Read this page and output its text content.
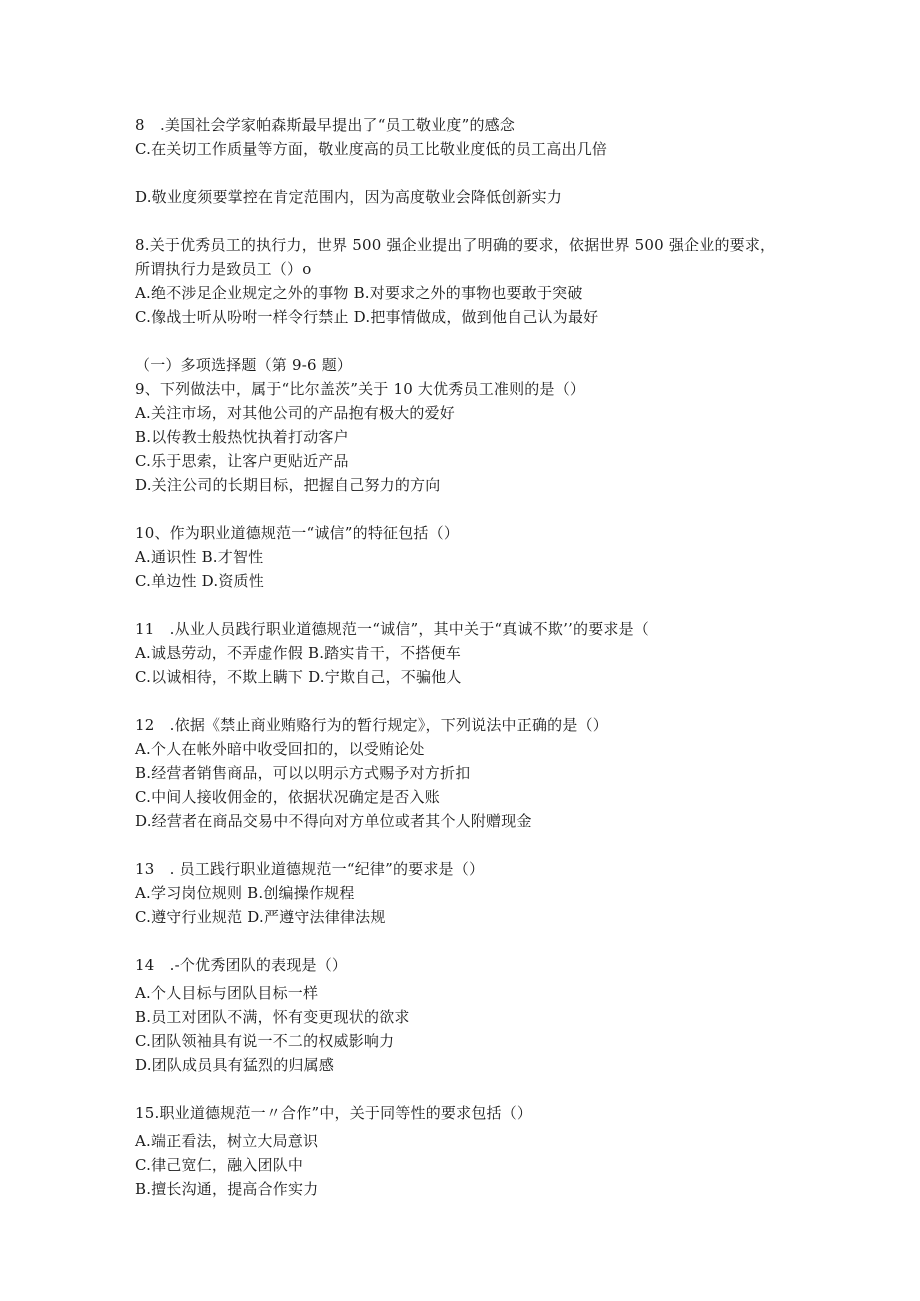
8　.美国社会学家帕森斯最早提出了“员工敬业度”的感念
C.在关切工作质量等方面，敬业度高的员工比敬业度低的员工高出几倍
D.敬业度须要掌控在肯定范围内，因为高度敬业会降低创新实力
8.关于优秀员工的执行力，世界 500 强企业提出了明确的要求，依据世界 500 强企业的要求，
所谓执行力是致员工（）o
A.绝不涉足企业规定之外的事物 B.对要求之外的事物也要敢于突破
C.像战士听从吩咐一样令行禁止 D.把事情做成，做到他自己认为最好
（一）多项选择题（第 9-6 题）
9、下列做法中，属于“比尔盖茨”关于 10 大优秀员工准则的是（）
A.关注市场，对其他公司的产品抱有极大的爱好
B.以传教士般热忱执着打动客户
C.乐于思索，让客户更贴近产品
D.关注公司的长期目标，把握自己努力的方向
10、作为职业道德规范一“诚信”的特征包括（）
A.通识性 B.才智性
C.单边性 D.资质性
11　.从业人员践行职业道德规范一“诚信”，其中关于“真诚不欺’’的要求是（
A.诚恳劳动，不弄虚作假 B.踏实肯干，不搭便车
C.以诚相待，不欺上瞒下 D.宁欺自己，不骗他人
12　.依据《禁止商业贿赂行为的暂行规定》，下列说法中正确的是（）
A.个人在帐外暗中收受回扣的，以受贿论处
B.经营者销售商品，可以以明示方式赐予对方折扣
C.中间人接收佣金的，依据状况确定是否入账
D.经营者在商品交易中不得向对方单位或者其个人附赠现金
13　. 员工践行职业道德规范一“纪律”的要求是（）
A.学习岗位规则 B.创编操作规程
C.遵守行业规范 D.严遵守法律律法规
14　.-个优秀团队的表现是（）
A.个人目标与团队目标一样
B.员工对团队不满，怀有变更现状的欲求
C.团队领袖具有说一不二的权威影响力
D.团队成员具有猛烈的归属感
15.职业道德规范一〃合作”中，关于同等性的要求包括（）
A.端正看法，树立大局意识
C.律己宽仁，融入团队中
B.擅长沟通，提高合作实力
